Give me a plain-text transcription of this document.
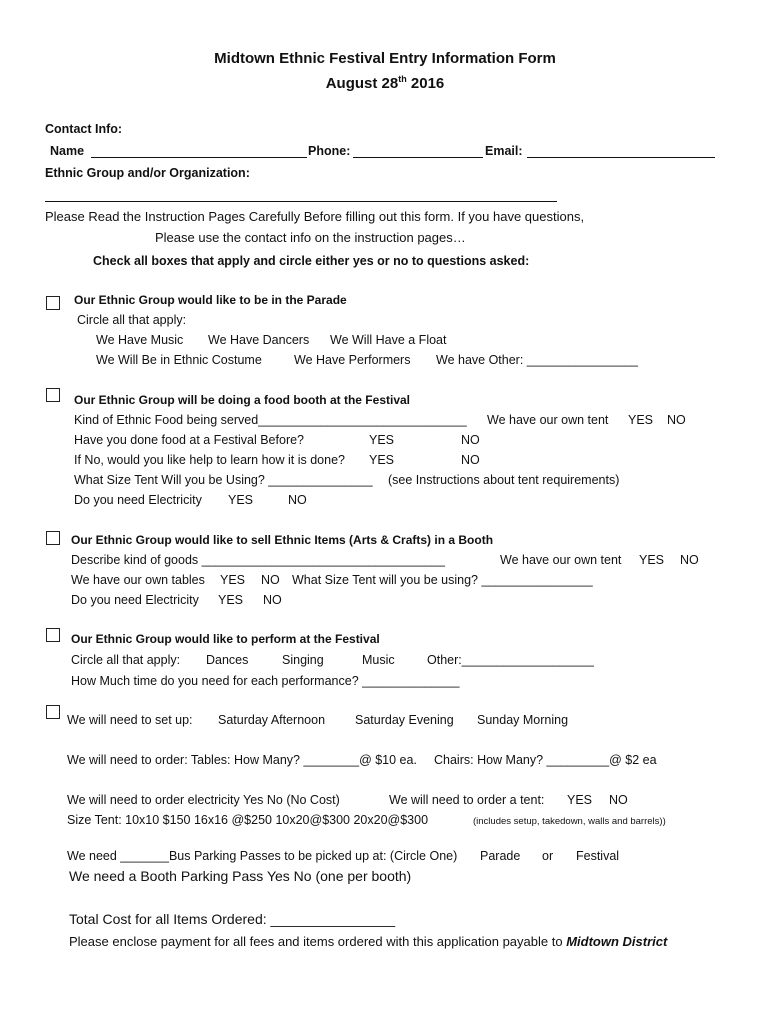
Midtown Ethnic Festival Entry Information Form
August 28th 2016
Contact Info:
Name	Phone:	Email:
Ethnic Group and/or Organization:
Please Read the Instruction Pages Carefully Before filling out this form. If you have questions,
Please use the contact info on the instruction pages…
Check all boxes that apply and circle either yes or no to questions asked:
Our Ethnic Group would like to be in the Parade
Circle all that apply:
We Have Music We Have Dancers We Will Have a Float
We Will Be in Ethnic Costume	We Have Performers We have Other: ________________
Our Ethnic Group will be doing a food booth at the Festival
Kind of Ethnic Food being served______________________________ We have our own tent YES NO
Have you done food at a Festival Before?	YES	NO
If No, would you like help to learn how it is done? YES	NO
What Size Tent Will you be Using? _______________ (see Instructions about tent requirements)
Do you need Electricity YES	NO
Our Ethnic Group would like to sell Ethnic Items (Arts & Crafts) in a Booth
Describe kind of goods ___________________________________	We have our own tent YES NO
We have our own tables YES NO What Size Tent will you be using? ________________
Do you need Electricity YES NO
Our Ethnic Group would like to perform at the Festival
Circle all that apply: Dances	Singing	Music	Other:___________________
How Much time do you need for each performance? ______________
We will need to set up: Saturday Afternoon Saturday Evening Sunday Morning
We will need to order: Tables: How Many? ________@ $10 ea. Chairs: How Many? _________@ $2 ea
We will need to order electricity Yes No (No Cost)	We will need to order a tent: YES NO
Size Tent: 10x10 $150 16x16 @$250 10x20@$300 20x20@$300	(includes setup, takedown, walls and barrels))
We need _______Bus Parking Passes to be picked up at: (Circle One) Parade or Festival
We need a Booth Parking Pass Yes No (one per booth)
Total Cost for all Items Ordered: ________________
Please enclose payment for all fees and items ordered with this application payable to Midtown District
